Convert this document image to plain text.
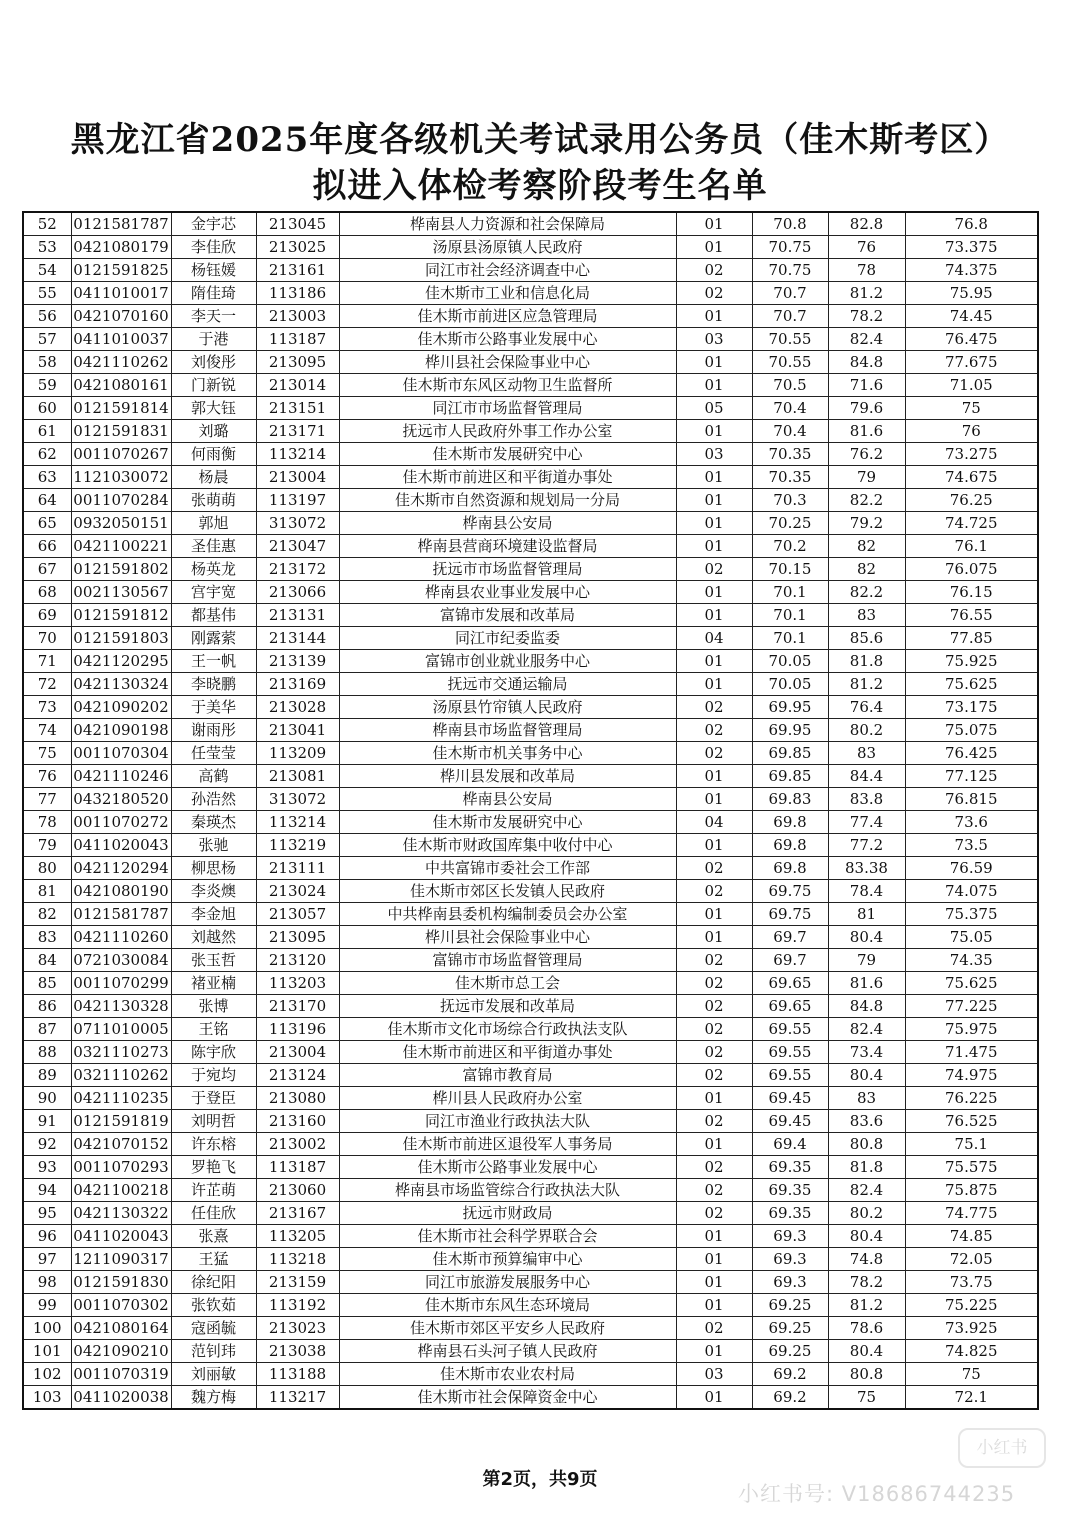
黑龙江省2025年度各级机关考试录用公务员（佳木斯考区）
拟进入体检考察阶段考生名单
52	0121581787	金宇芯	213045	桦南县人力资源和社会保障局	01	70.8	82.8	76.8
53	0421080179	李佳欣	213025	汤原县汤原镇人民政府	01	70.75	76	73.375
54	0121591825	杨钰媛	213161	同江市社会经济调查中心	02	70.75	78	74.375
55	0411010017	隋佳琦	113186	佳木斯市工业和信息化局	02	70.7	81.2	75.95
56	0421070160	李天一	213003	佳木斯市前进区应急管理局	01	70.7	78.2	74.45
57	0411010037	于港	113187	佳木斯市公路事业发展中心	03	70.55	82.4	76.475
58	0421110262	刘俊彤	213095	桦川县社会保险事业中心	01	70.55	84.8	77.675
59	0421080161	门新锐	213014	佳木斯市东风区动物卫生监督所	01	70.5	71.6	71.05
60	0121591814	郭大钰	213151	同江市市场监督管理局	05	70.4	79.6	75
61	0121591831	刘璐	213171	抚远市人民政府外事工作办公室	01	70.4	81.6	76
62	0011070267	何雨衡	113214	佳木斯市发展研究中心	03	70.35	76.2	73.275
63	1121030072	杨晨	213004	佳木斯市前进区和平街道办事处	01	70.35	79	74.675
64	0011070284	张萌萌	113197	佳木斯市自然资源和规划局一分局	01	70.3	82.2	76.25
65	0932050151	郭旭	313072	桦南县公安局	01	70.25	79.2	74.725
66	0421100221	圣佳惠	213047	桦南县营商环境建设监督局	01	70.2	82	76.1
67	0121591802	杨英龙	213172	抚远市市场监督管理局	02	70.15	82	76.075
68	0021130567	宫宇宽	213066	桦南县农业事业发展中心	01	70.1	82.2	76.15
69	0121591812	都基伟	213131	富锦市发展和改革局	01	70.1	83	76.55
70	0121591803	刚露萦	213144	同江市纪委监委	04	70.1	85.6	77.85
71	0421120295	王一帆	213139	富锦市创业就业服务中心	01	70.05	81.8	75.925
72	0421130324	李晓鹏	213169	抚远市交通运输局	01	70.05	81.2	75.625
73	0421090202	于美华	213028	汤原县竹帘镇人民政府	02	69.95	76.4	73.175
74	0421090198	谢雨彤	213041	桦南县市场监督管理局	02	69.95	80.2	75.075
75	0011070304	任莹莹	113209	佳木斯市机关事务中心	02	69.85	83	76.425
76	0421110246	高鹤	213081	桦川县发展和改革局	01	69.85	84.4	77.125
77	0432180520	孙浩然	313072	桦南县公安局	01	69.83	83.8	76.815
78	0011070272	秦瑛杰	113214	佳木斯市发展研究中心	04	69.8	77.4	73.6
79	0411020043	张驰	113219	佳木斯市财政国库集中收付中心	01	69.8	77.2	73.5
80	0421120294	柳思杨	213111	中共富锦市委社会工作部	02	69.8	83.38	76.59
81	0421080190	李炎燠	213024	佳木斯市郊区长发镇人民政府	02	69.75	78.4	74.075
82	0121581787	李金旭	213057	中共桦南县委机构编制委员会办公室	01	69.75	81	75.375
83	0421110260	刘越然	213095	桦川县社会保险事业中心	01	69.7	80.4	75.05
84	0721030084	张玉哲	213120	富锦市市场监督管理局	02	69.7	79	74.35
85	0011070299	褚亚楠	113203	佳木斯市总工会	02	69.65	81.6	75.625
86	0421130328	张博	213170	抚远市发展和改革局	02	69.65	84.8	77.225
87	0711010005	王铭	113196	佳木斯市文化市场综合行政执法支队	02	69.55	82.4	75.975
88	0321110273	陈宇欣	213004	佳木斯市前进区和平街道办事处	02	69.55	73.4	71.475
89	0321110262	于宛均	213124	富锦市教育局	02	69.55	80.4	74.975
90	0421110235	于登臣	213080	桦川县人民政府办公室	01	69.45	83	76.225
91	0121591819	刘明哲	213160	同江市渔业行政执法大队	02	69.45	83.6	76.525
92	0421070152	许东榕	213002	佳木斯市前进区退役军人事务局	01	69.4	80.8	75.1
93	0011070293	罗艳飞	113187	佳木斯市公路事业发展中心	02	69.35	81.8	75.575
94	0421100218	许芷萌	213060	桦南县市场监管综合行政执法大队	02	69.35	82.4	75.875
95	0421130322	任佳欣	213167	抚远市财政局	02	69.35	80.2	74.775
96	0411020043	张熹	113205	佳木斯市社会科学界联合会	01	69.3	80.4	74.85
97	1211090317	王猛	113218	佳木斯市预算编审中心	01	69.3	74.8	72.05
98	0121591830	徐纪阳	213159	同江市旅游发展服务中心	01	69.3	78.2	73.75
99	0011070302	张钦茹	113192	佳木斯市东风生态环境局	01	69.25	81.2	75.225
100	0421080164	寇函毓	213023	佳木斯市郊区平安乡人民政府	02	69.25	78.6	73.925
101	0421090210	范钊玮	213038	桦南县石头河子镇人民政府	01	69.25	80.4	74.825
102	0011070319	刘丽敏	113188	佳木斯市农业农村局	03	69.2	80.8	75
103	0411020038	魏方梅	113217	佳木斯市社会保障资金中心	01	69.2	75	72.1
第2页，共9页
小红书
小红书号: V18686744235
